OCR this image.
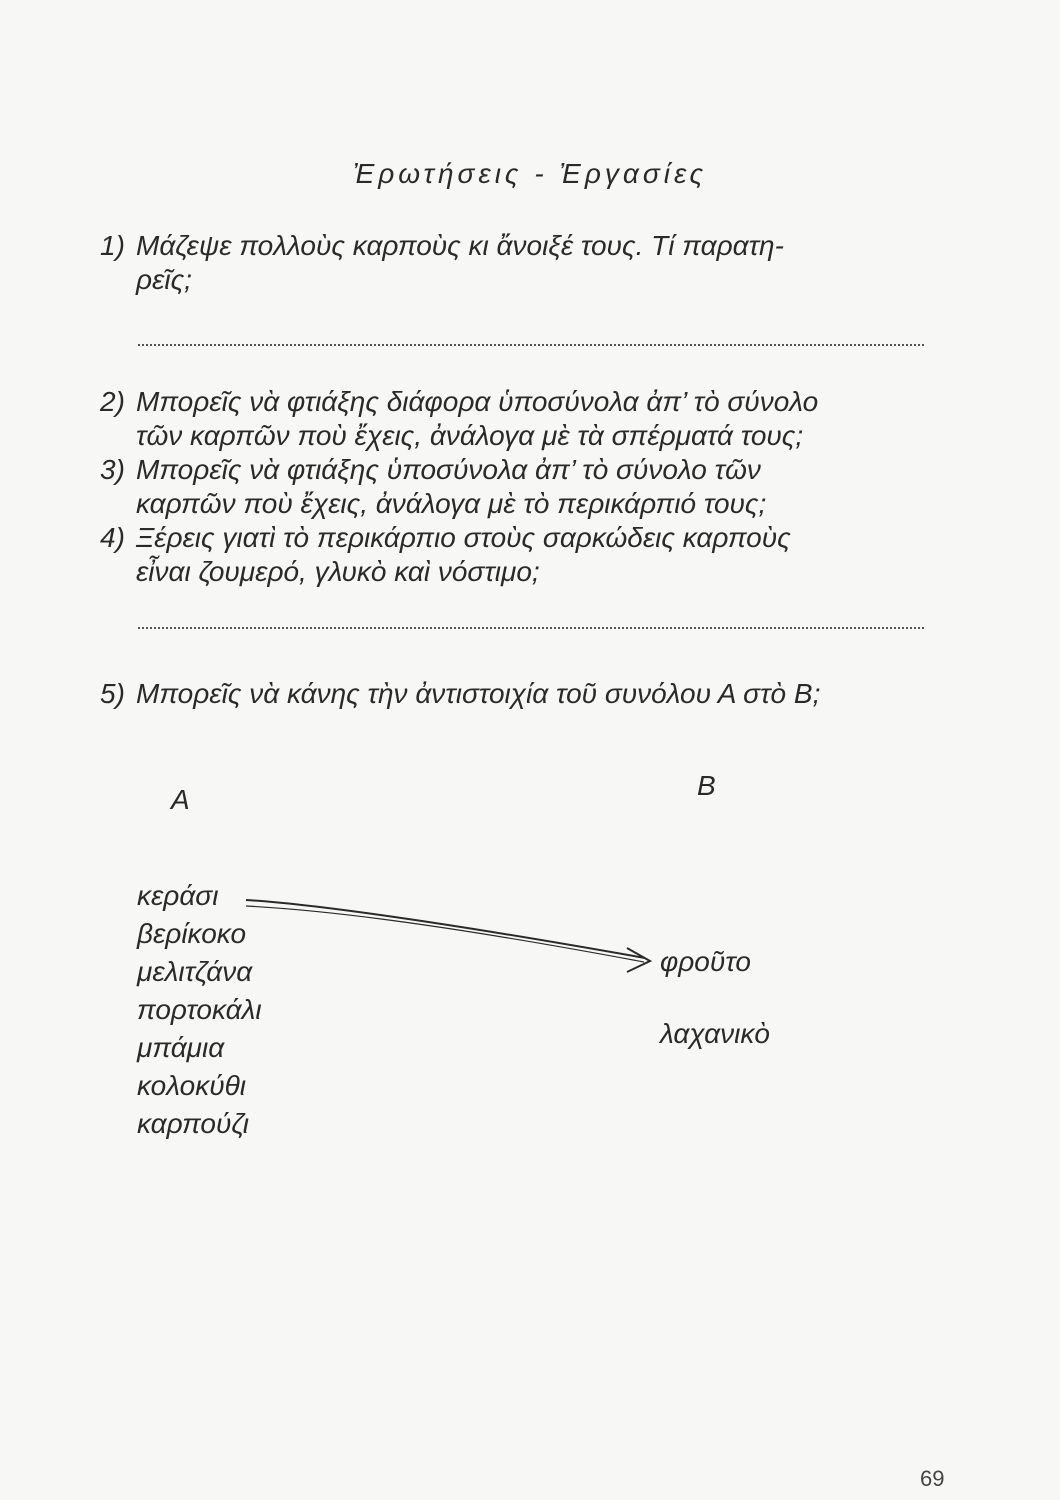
Ἐρωτήσεις - Ἐργασίες
1) Μάζεψε πολλοὺς καρποὺς κι ἄνοιξέ τους. Τί παρατη-
ρεῖς;
2) Μπορεῖς νὰ φτιάξης διάφορα ὑποσύνολα ἀπ’ τὸ σύνολο
τῶν καρπῶν ποὺ ἔχεις, ἀνάλογα μὲ τὰ σπέρματά τους;
3) Μπορεῖς νὰ φτιάξης ὑποσύνολα ἀπ’ τὸ σύνολο τῶν
καρπῶν ποὺ ἔχεις, ἀνάλογα μὲ τὸ περικάρπιό τους;
4) Ξέρεις γιατὶ τὸ περικάρπιο στοὺς σαρκώδεις καρποὺς
εἶναι ζουμερό, γλυκὸ καὶ νόστιμο;
5) Μπορεῖς νὰ κάνης τὴν ἀντιστοιχία τοῦ συνόλου Α στὸ Β;
Α	Β
κεράσι
βερίκοκο
μελιτζάνα
πορτοκάλι
μπάμια
κολοκύθι
καρπούζι
φροῦτο
λαχανικὸ
69
